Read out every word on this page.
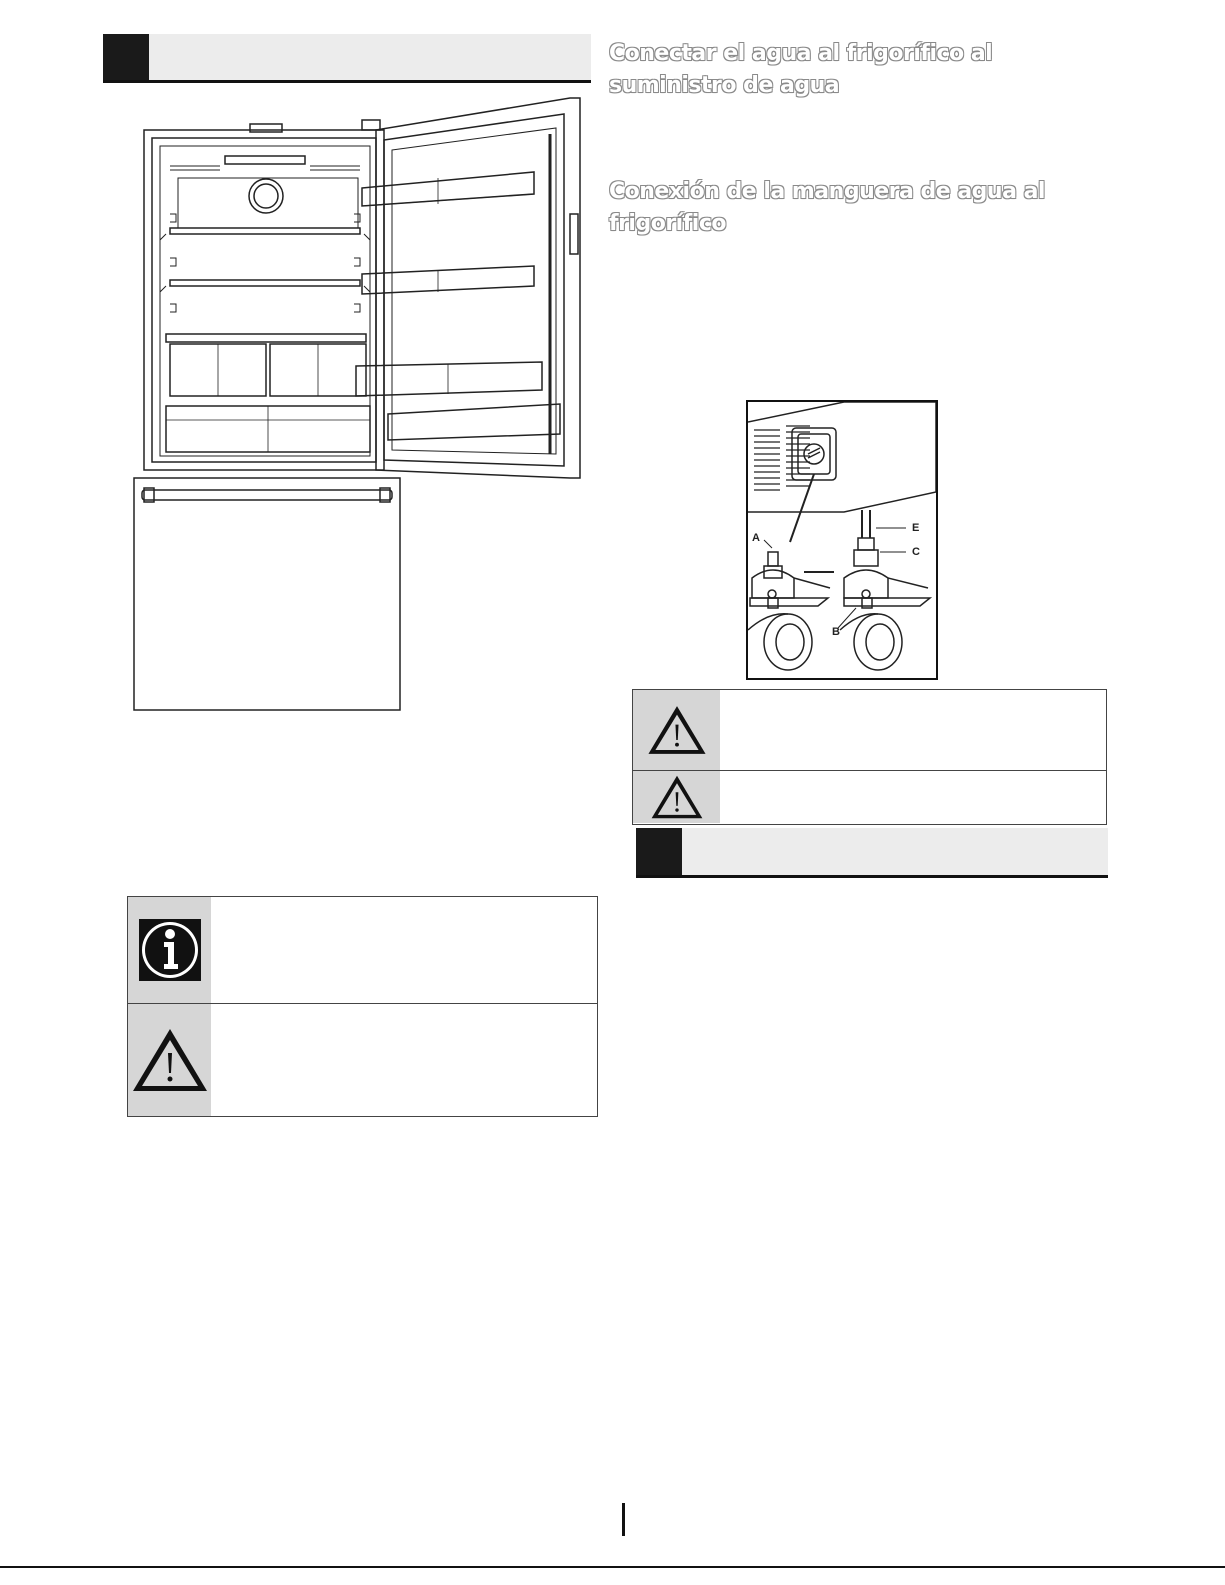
Conectar el agua al frigorífico al suministro de agua
Conexión de la manguera de agua al frigorífico
E
C
A
B
